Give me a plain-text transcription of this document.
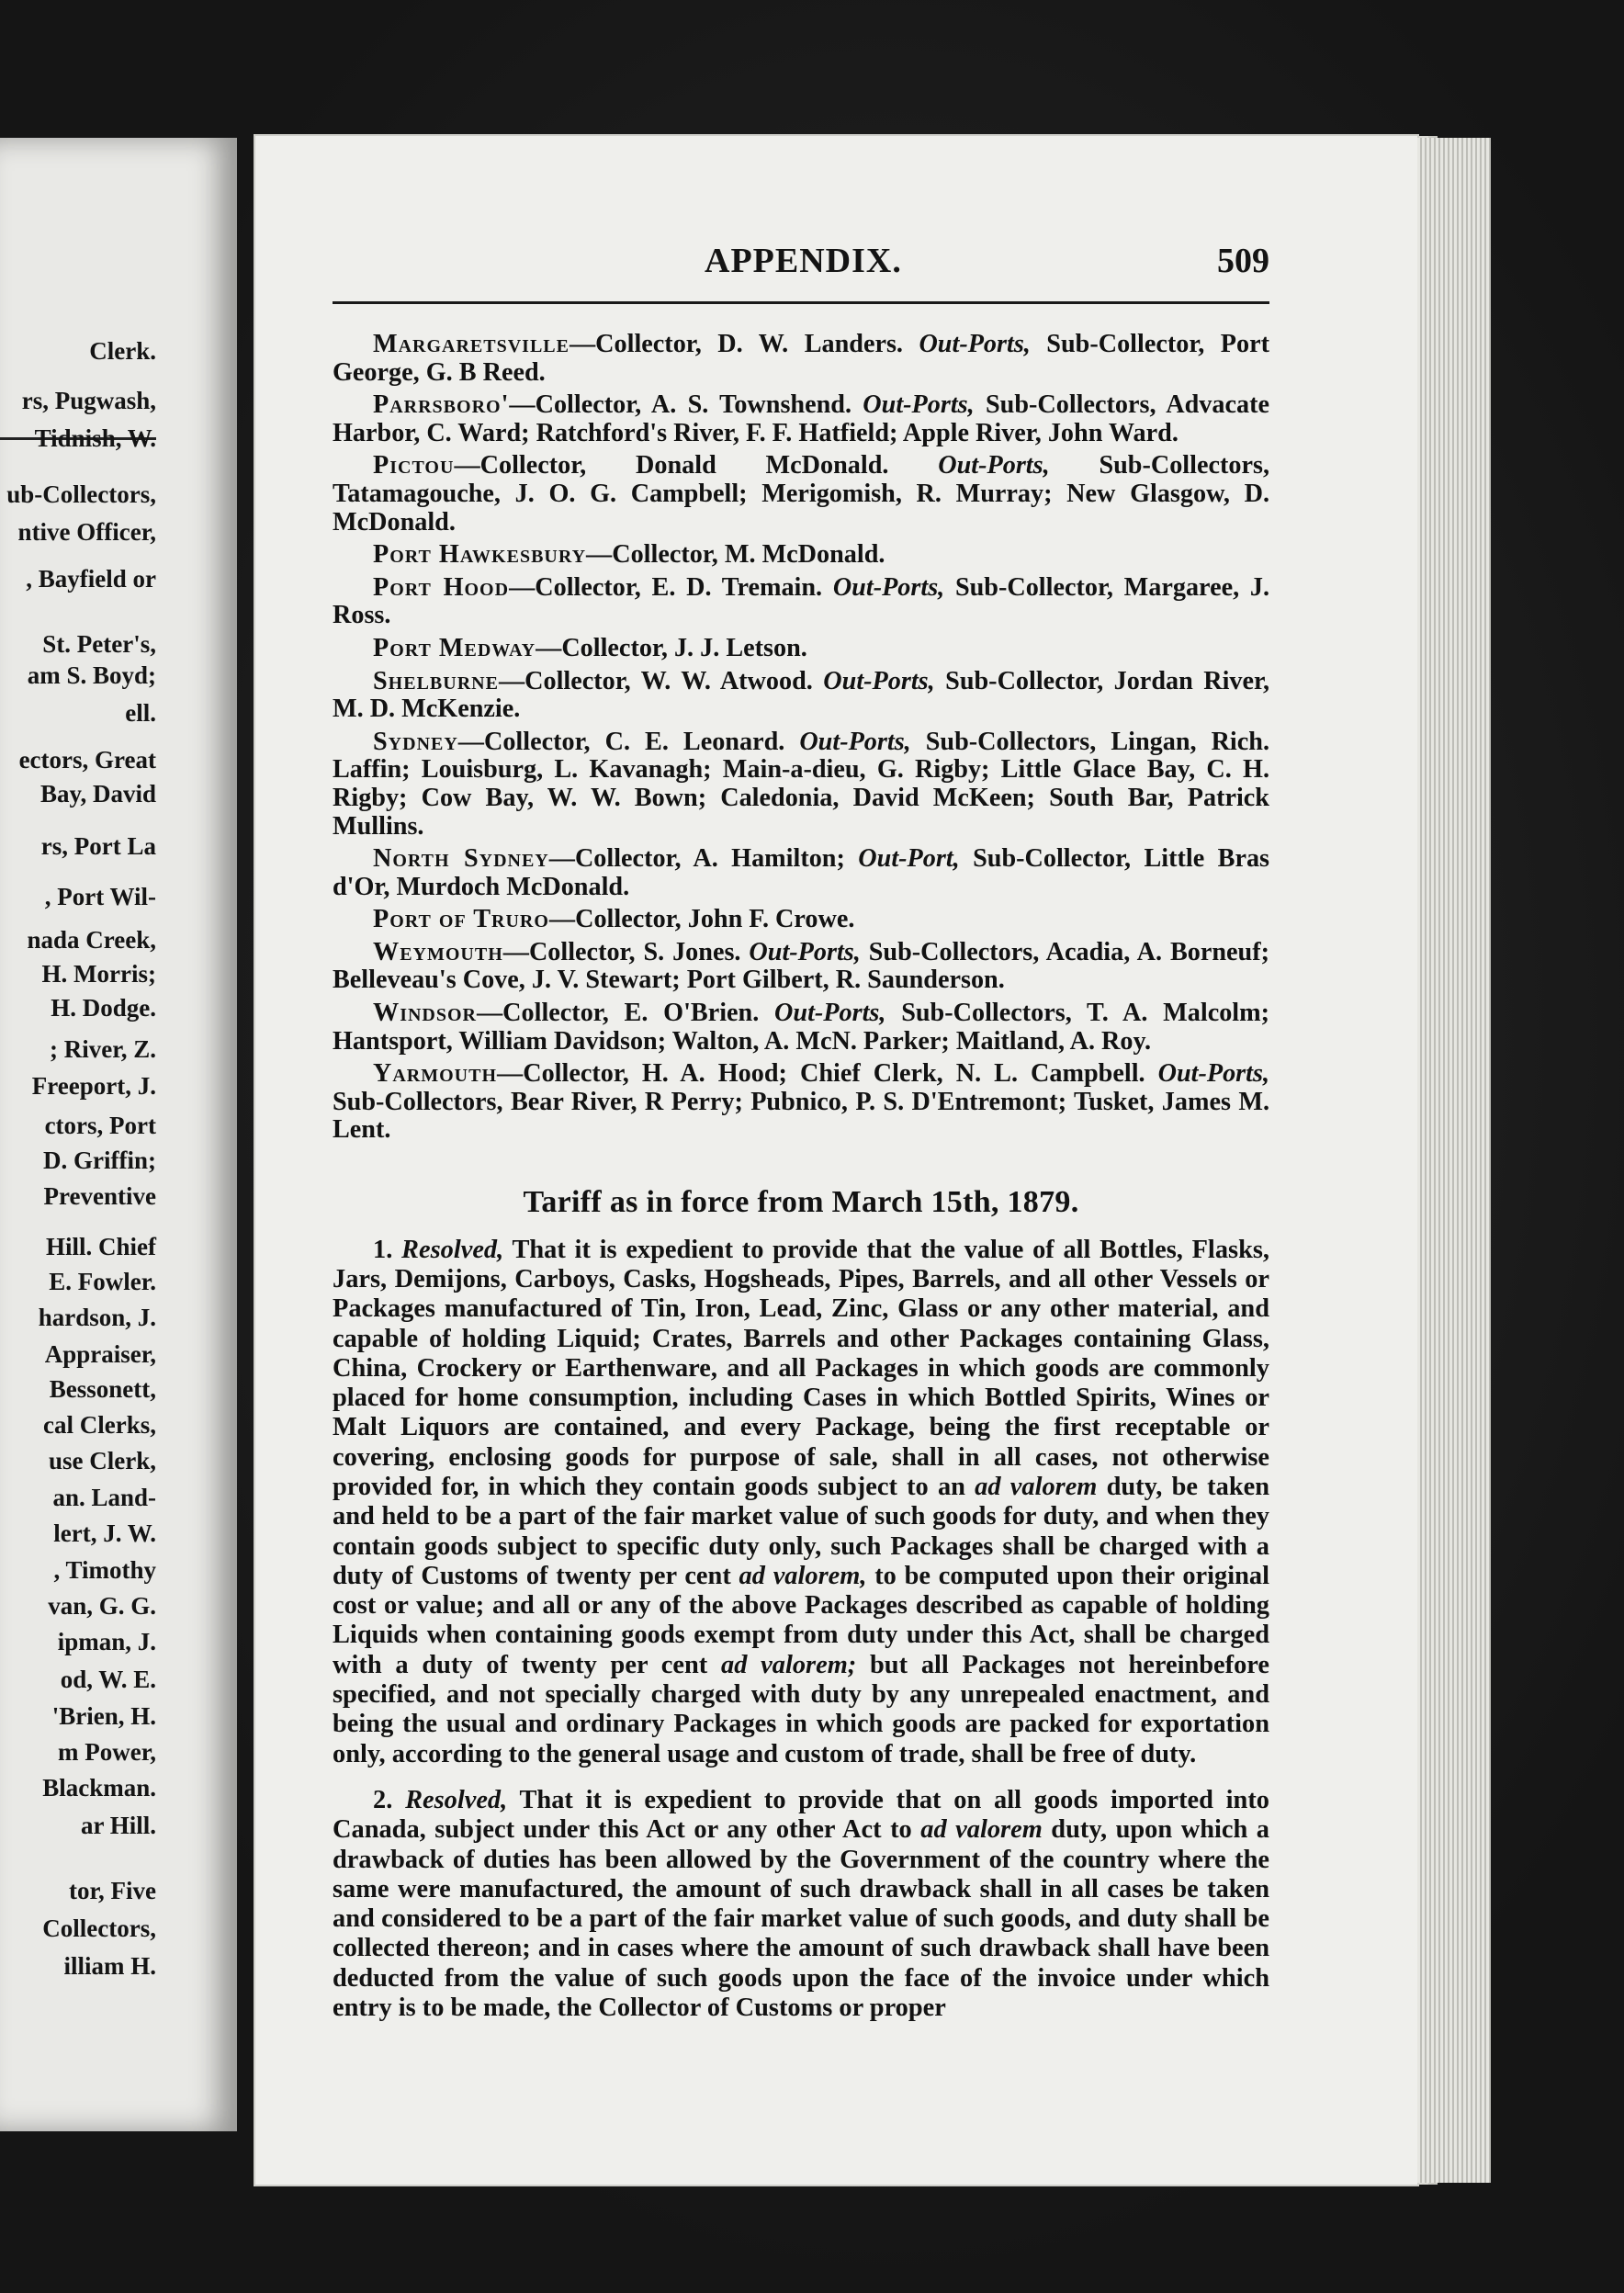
Clerk.
rs, Pugwash,
Tidnish, W.
ub-Collectors,
ntive Officer,
, Bayfield or
St. Peter's,
am S. Boyd;
ell.
ectors, Great
Bay, David
rs, Port La
, Port Wil-
nada Creek,
H. Morris;
H. Dodge.
; River, Z.
Freeport, J.
ctors, Port
D. Griffin;
Preventive
Hill. Chief
E. Fowler.
hardson, J.
Appraiser,
Bessonett,
cal Clerks,
use Clerk,
an. Land-
lert, J. W.
, Timothy
van, G. G.
ipman, J.
od, W. E.
'Brien, H.
m Power,
Blackman.
ar Hill.
tor, Five
Collectors,
illiam H.
APPENDIX.	509

Margaretsville—Collector, D. W. Landers. Out-Ports, Sub-Collector, Port George, G. B Reed.

Parrsboro'—Collector, A. S. Townshend. Out-Ports, Sub-Collectors, Advacate Harbor, C. Ward; Ratchford's River, F. F. Hatfield; Apple River, John Ward.

Pictou—Collector, Donald McDonald. Out-Ports, Sub-Collectors, Tatamagouche, J. O. G. Campbell; Merigomish, R. Murray; New Glasgow, D. McDonald.

Port Hawkesbury—Collector, M. McDonald.

Port Hood—Collector, E. D. Tremain. Out-Ports, Sub-Collector, Margaree, J. Ross.

Port Medway—Collector, J. J. Letson.

Shelburne—Collector, W. W. Atwood. Out-Ports, Sub-Collector, Jordan River, M. D. McKenzie.

Sydney—Collector, C. E. Leonard. Out-Ports, Sub-Collectors, Lingan, Rich. Laffin; Louisburg, L. Kavanagh; Main-a-dieu, G. Rigby; Little Glace Bay, C. H. Rigby; Cow Bay, W. W. Bown; Caledonia, David McKeen; South Bar, Patrick Mullins.

North Sydney—Collector, A. Hamilton; Out-Port, Sub-Collector, Little Bras d'Or, Murdoch McDonald.

Port of Truro—Collector, John F. Crowe.

Weymouth—Collector, S. Jones. Out-Ports, Sub-Collectors, Acadia, A. Borneuf; Belleveau's Cove, J. V. Stewart; Port Gilbert, R. Saunderson.

Windsor—Collector, E. O'Brien. Out-Ports, Sub-Collectors, T. A. Malcolm; Hantsport, William Davidson; Walton, A. McN. Parker; Maitland, A. Roy.

Yarmouth—Collector, H. A. Hood; Chief Clerk, N. L. Campbell. Out-Ports, Sub-Collectors, Bear River, R Perry; Pubnico, P. S. D'Entremont; Tusket, James M. Lent.

Tariff as in force from March 15th, 1879.

1. Resolved, That it is expedient to provide that the value of all Bottles, Flasks, Jars, Demijons, Carboys, Casks, Hogsheads, Pipes, Barrels, and all other Vessels or Packages manufactured of Tin, Iron, Lead, Zinc, Glass or any other material, and capable of holding Liquid; Crates, Barrels and other Packages containing Glass, China, Crockery or Earthenware, and all Packages in which goods are commonly placed for home consumption, including Cases in which Bottled Spirits, Wines or Malt Liquors are contained, and every Package, being the first receptable or covering, enclosing goods for purpose of sale, shall in all cases, not otherwise provided for, in which they contain goods subject to an ad valorem duty, be taken and held to be a part of the fair market value of such goods for duty, and when they contain goods subject to specific duty only, such Packages shall be charged with a duty of Customs of twenty per cent ad valorem, to be computed upon their original cost or value; and all or any of the above Packages described as capable of holding Liquids when containing goods exempt from duty under this Act, shall be charged with a duty of twenty per cent ad valorem; but all Packages not hereinbefore specified, and not specially charged with duty by any unrepealed enactment, and being the usual and ordinary Packages in which goods are packed for exportation only, according to the general usage and custom of trade, shall be free of duty.

2. Resolved, That it is expedient to provide that on all goods imported into Canada, subject under this Act or any other Act to ad valorem duty, upon which a drawback of duties has been allowed by the Government of the country where the same were manufactured, the amount of such drawback shall in all cases be taken and considered to be a part of the fair market value of such goods, and duty shall be collected thereon; and in cases where the amount of such drawback shall have been deducted from the value of such goods upon the face of the invoice under which entry is to be made, the Collector of Customs or proper
